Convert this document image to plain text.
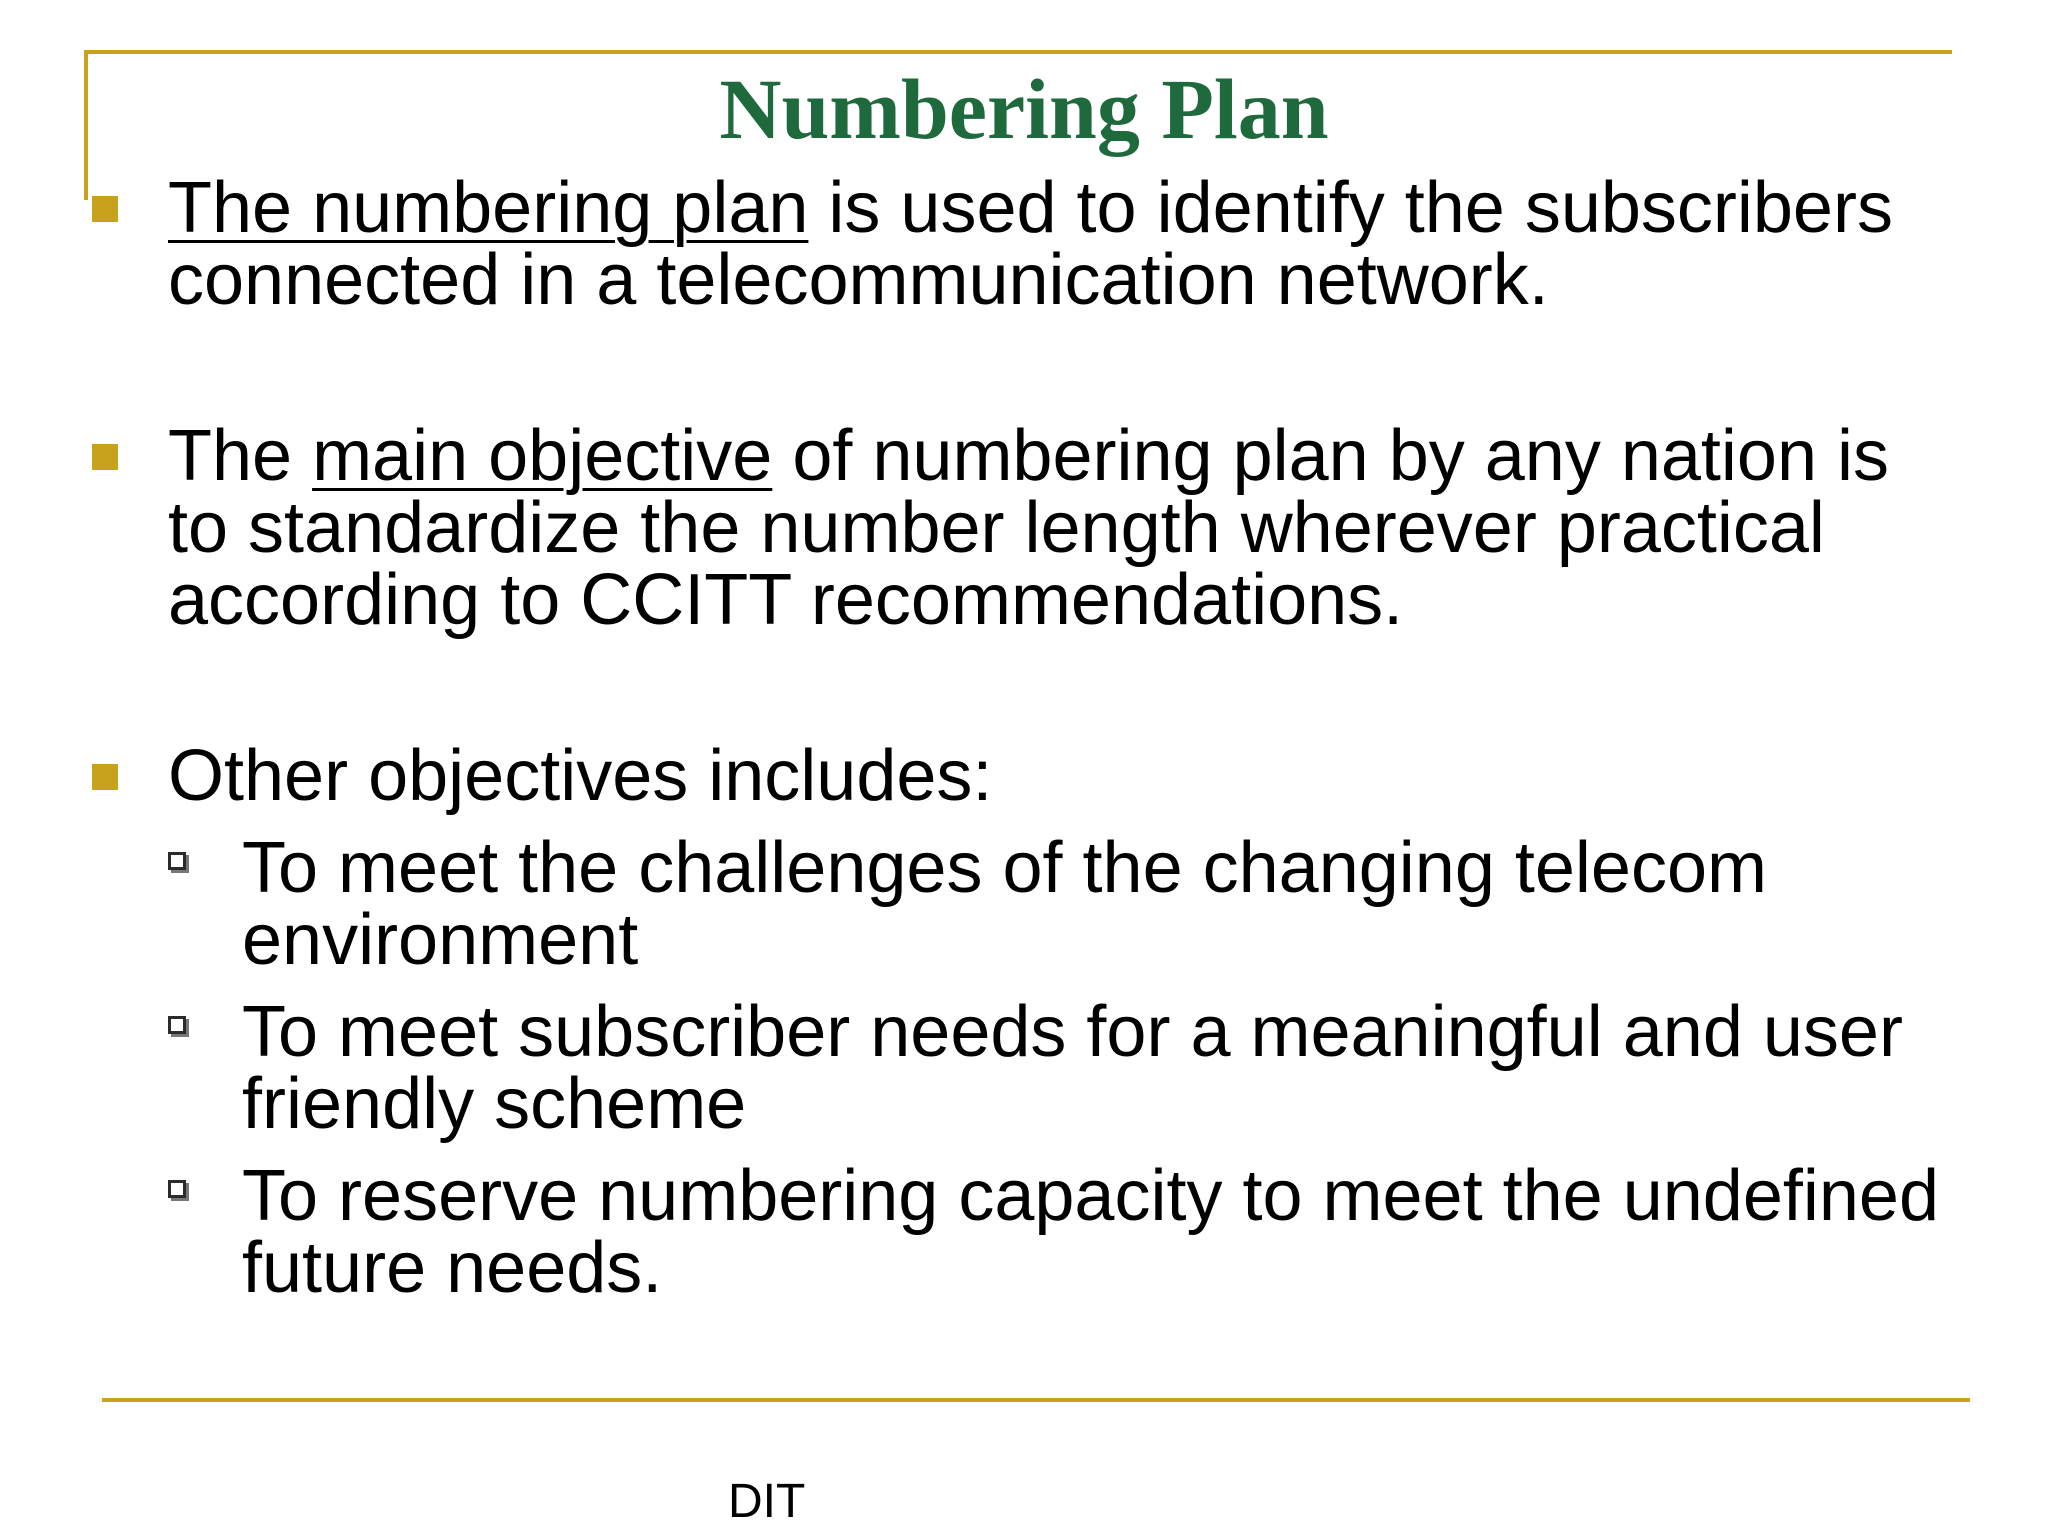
Numbering Plan
The numbering plan is used to identify the subscribers connected in a telecommunication network.
The main objective of numbering plan by any nation is to standardize the number length wherever practical according to CCITT recommendations.
Other objectives includes:
To meet the challenges of the changing telecom environment
To meet subscriber needs for a meaningful and user friendly scheme
To reserve numbering capacity to meet the undefined future needs.
DIT
